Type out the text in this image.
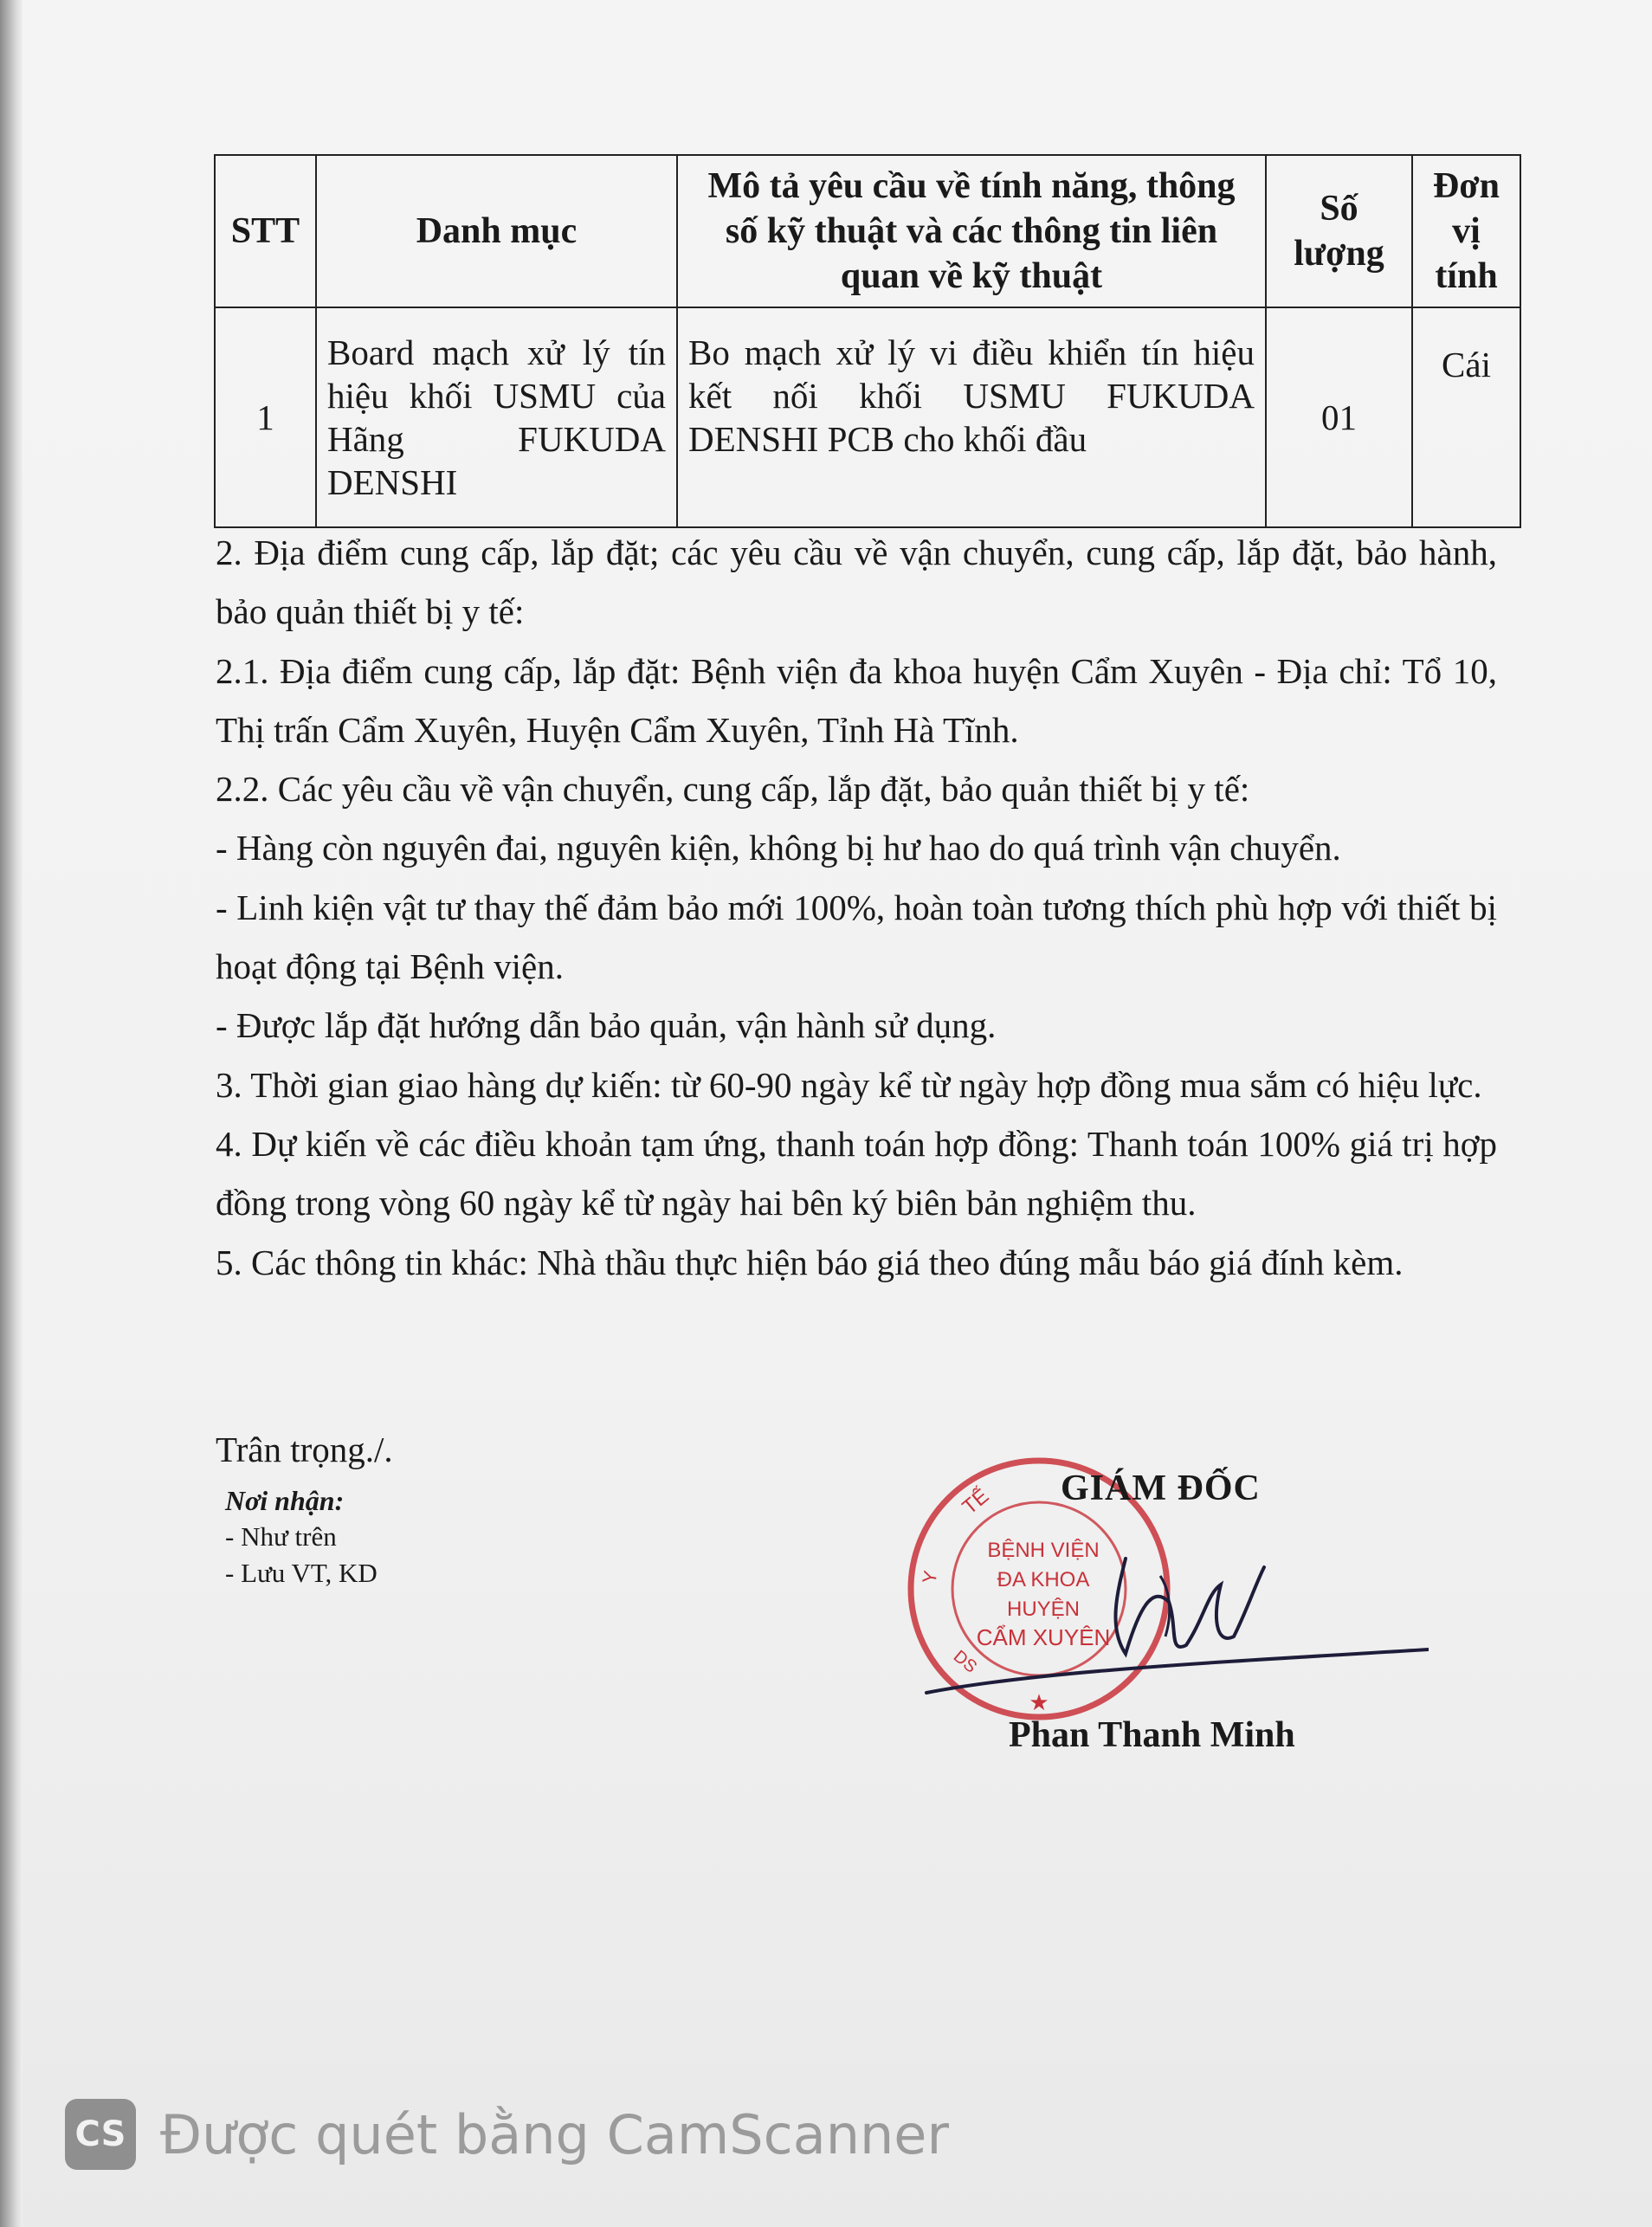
STT	Danh mục	Mô tả yêu cầu về tính năng, thông số kỹ thuật và các thông tin liên quan về kỹ thuật	Số lượng	Đơn vị tính
1	Board mạch xử lý tín hiệu khối USMU của Hãng FUKUDA DENSHI	Bo mạch xử lý vi điều khiển tín hiệu kết nối khối USMU FUKUDA DENSHI PCB cho khối đầu	01	Cái

2. Địa điểm cung cấp, lắp đặt; các yêu cầu về vận chuyển, cung cấp, lắp đặt, bảo hành, bảo quản thiết bị y tế:

2.1. Địa điểm cung cấp, lắp đặt: Bệnh viện đa khoa huyện Cẩm Xuyên - Địa chỉ: Tổ 10, Thị trấn Cẩm Xuyên, Huyện Cẩm Xuyên, Tỉnh Hà Tĩnh.

2.2. Các yêu cầu về vận chuyển, cung cấp, lắp đặt, bảo quản thiết bị y tế:

- Hàng còn nguyên đai, nguyên kiện, không bị hư hao do quá trình vận chuyển.

- Linh kiện vật tư thay thế đảm bảo mới 100%, hoàn toàn tương thích phù hợp với thiết bị hoạt động tại Bệnh viện.

- Được lắp đặt hướng dẫn bảo quản, vận hành sử dụng.

3. Thời gian giao hàng dự kiến: từ 60-90 ngày kể từ ngày hợp đồng mua sắm có hiệu lực.

4. Dự kiến về các điều khoản tạm ứng, thanh toán hợp đồng: Thanh toán 100% giá trị hợp đồng trong vòng 60 ngày kể từ ngày hai bên ký biên bản nghiệm thu.

5. Các thông tin khác: Nhà thầu thực hiện báo giá theo đúng mẫu báo giá đính kèm.

Trân trọng./.
Nơi nhận:
- Như trên
- Lưu VT, KD
TẾ
Y
DS
★
BỆNH VIỆN
ĐA KHOA
HUYỆN
CẨM XUYÊN
GIÁM ĐỐC
Phan Thanh Minh
CS Được quét bằng CamScanner
